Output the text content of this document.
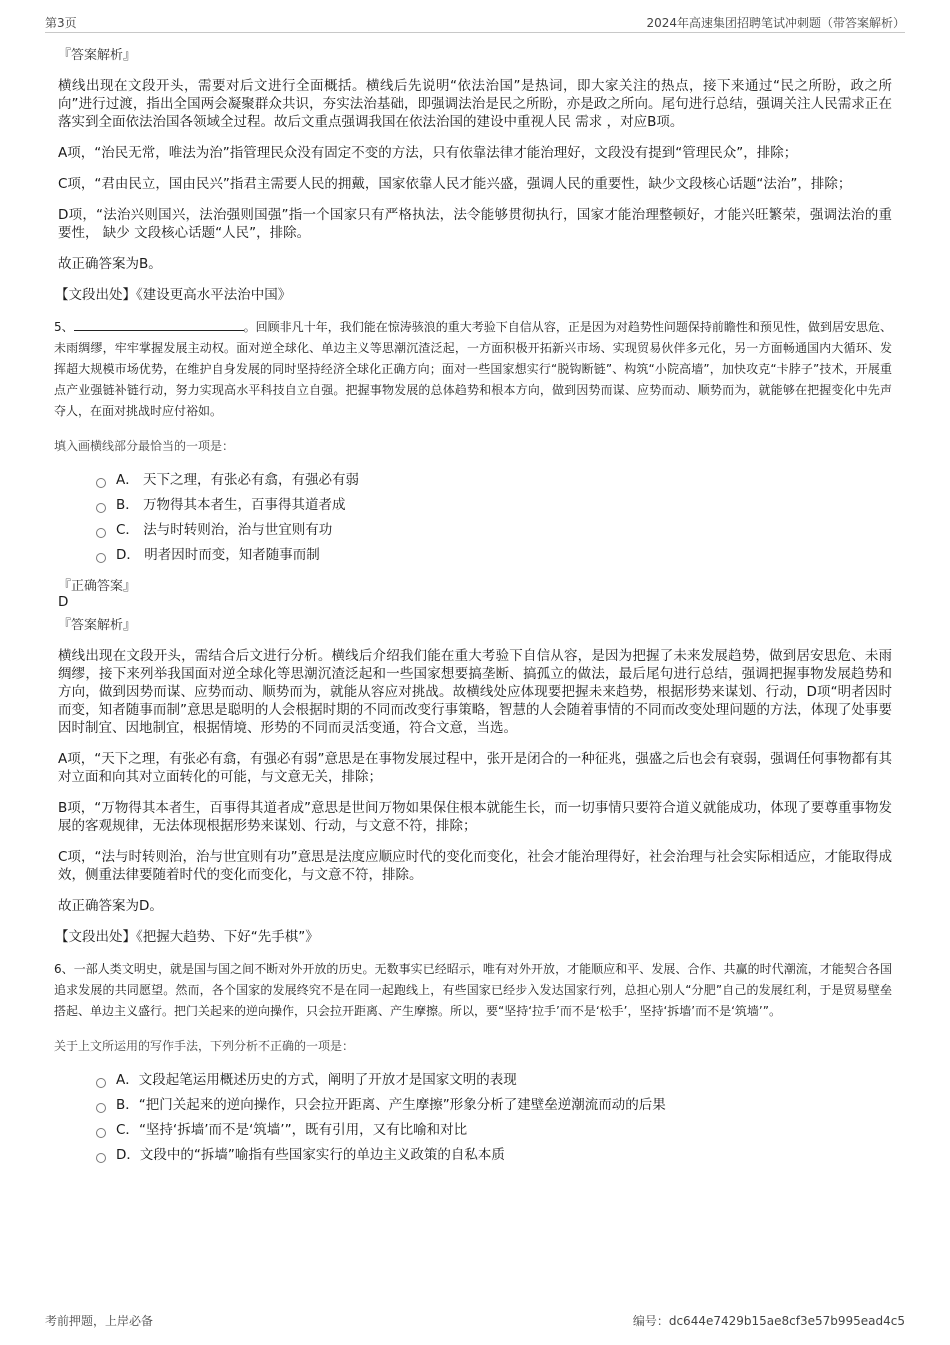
第3页	2024年高速集团招聘笔试冲刺题（带答案解析）
『答案解析』

横线出现在文段开头，需要对后文进行全面概括。横线后先说明“依法治国”是热词，即大家关注的热点，接下来通过“民之所盼，政之所向”进行过渡，指出全国两会凝聚群众共识，夯实法治基础，即强调法治是民之所盼，亦是政之所向。尾句进行总结，强调关注人民需求正在落实到全面依法治国各领域全过程。故后文重点强调我国在依法治国的建设中重视人民 需求 ，对应B项。

A项，“治民无常，唯法为治”指管理民众没有固定不变的方法，只有依靠法律才能治理好，文段没有提到“管理民众”，排除；

C项，“君由民立，国由民兴”指君主需要人民的拥戴，国家依靠人民才能兴盛，强调人民的重要性，缺少文段核心话题“法治”，排除；

D项，“法治兴则国兴，法治强则国强”指一个国家只有严格执法，法令能够贯彻执行，国家才能治理整顿好，才能兴旺繁荣，强调法治的重要性， 缺少 文段核心话题“人民”，排除。

故正确答案为B。

【文段出处】《建设更高水平法治中国》

5、	。回顾非凡十年，我们能在惊涛骇浪的重大考验下自信从容，正是因为对趋势性问题保持前瞻性和预见性，做到居安思危、未雨绸缪，牢牢掌握发展主动权。面对逆全球化、单边主义等思潮沉渣泛起，一方面积极开拓新兴市场、实现贸易伙伴多元化，另一方面畅通国内大循环、发挥超大规模市场优势，在维护自身发展的同时坚持经济全球化正确方向；面对一些国家想实行“脱钩断链”、构筑“小院高墙”，加快攻克“卡脖子”技术，开展重点产业强链补链行动，努力实现高水平科技自立自强。把握事物发展的总体趋势和根本方向，做到因势而谋、应势而动、顺势而为，就能够在把握变化中先声夺人，在面对挑战时应付裕如。

填入画横线部分最恰当的一项是：

A．
天下之理，有张必有翕，有强必有弱
B．
万物得其本者生，百事得其道者成
C．
法与时转则治，治与世宜则有功
D．
明者因时而变，知者随事而制
『正确答案』
D
『答案解析』

横线出现在文段开头，需结合后文进行分析。横线后介绍我们能在重大考验下自信从容，是因为把握了未来发展趋势，做到居安思危、未雨绸缪，接下来列举我国面对逆全球化等思潮沉渣泛起和一些国家想要搞垄断、搞孤立的做法，最后尾句进行总结，强调把握事物发展趋势和方向，做到因势而谋、应势而动、顺势而为，就能从容应对挑战。故横线处应体现要把握未来趋势，根据形势来谋划、行动，D项“明者因时而变，知者随事而制”意思是聪明的人会根据时期的不同而改变行事策略，智慧的人会随着事情的不同而改变处理问题的方法，体现了处事要因时制宜、因地制宜，根据情境、形势的不同而灵活变通，符合文意，当选。

A项，“天下之理，有张必有翕，有强必有弱”意思是在事物发展过程中，张开是闭合的一种征兆，强盛之后也会有衰弱，强调任何事物都有其对立面和向其对立面转化的可能，与文意无关，排除；

B项，“万物得其本者生，百事得其道者成”意思是世间万物如果保住根本就能生长，而一切事情只要符合道义就能成功，体现了要尊重事物发展的客观规律，无法体现根据形势来谋划、行动，与文意不符，排除；

C项，“法与时转则治，治与世宜则有功”意思是法度应顺应时代的变化而变化，社会才能治理得好，社会治理与社会实际相适应，才能取得成效，侧重法律要随着时代的变化而变化，与文意不符，排除。

故正确答案为D。

【文段出处】《把握大趋势、下好“先手棋”》

6、一部人类文明史，就是国与国之间不断对外开放的历史。无数事实已经昭示，唯有对外开放，才能顺应和平、发展、合作、共赢的时代潮流，才能契合各国追求发展的共同愿望。然而，各个国家的发展终究不是在同一起跑线上，有些国家已经步入发达国家行列，总担心别人“分肥”自己的发展红利，于是贸易壁垒搭起、单边主义盛行。把门关起来的逆向操作，只会拉开距离、产生摩擦。所以，要“坚持‘拉手’而不是‘松手’，坚持‘拆墙’而不是‘筑墙’”。

关于上文所运用的写作手法，下列分析不正确的一项是：

A． 文段起笔运用概述历史的方式，阐明了开放才是国家文明的表现
B． “把门关起来的逆向操作，只会拉开距离、产生摩擦”形象分析了建壁垒逆潮流而动的后果
C． “坚持‘拆墙’而不是‘筑墙’”，既有引用，又有比喻和对比
D． 文段中的“拆墙”喻指有些国家实行的单边主义政策的自私本质
考前押题，上岸必备	编号：dc644e7429b15ae8cf3e57b995ead4c5
